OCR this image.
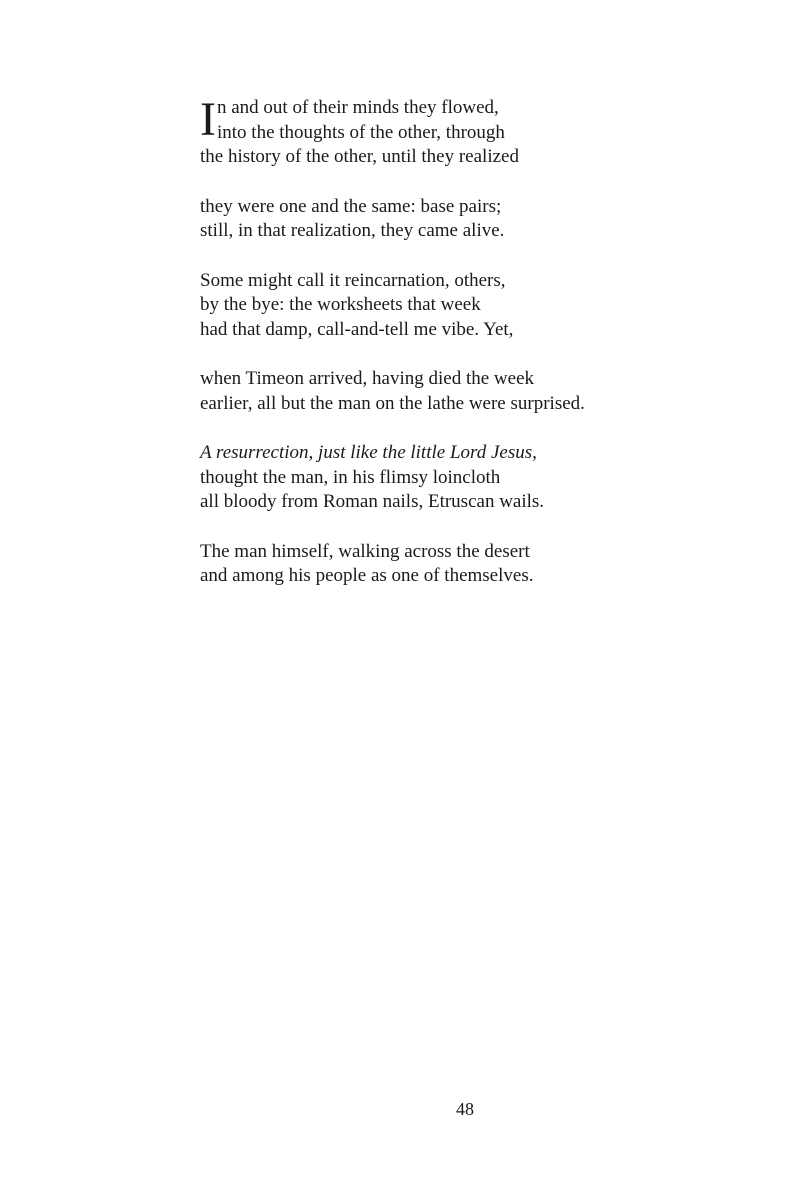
I n and out of their minds they flowed,
into the thoughts of the other, through
the history of the other, until they realized
they were one and the same: base pairs;
still, in that realization, they came alive.
Some might call it reincarnation, others,
by the bye: the worksheets that week
had that damp, call-and-tell me vibe. Yet,
when Timeon arrived, having died the week
earlier, all but the man on the lathe were surprised.
A resurrection, just like the little Lord Jesus,
thought the man, in his flimsy loincloth
all bloody from Roman nails, Etruscan wails.
The man himself, walking across the desert
and among his people as one of themselves.
48
